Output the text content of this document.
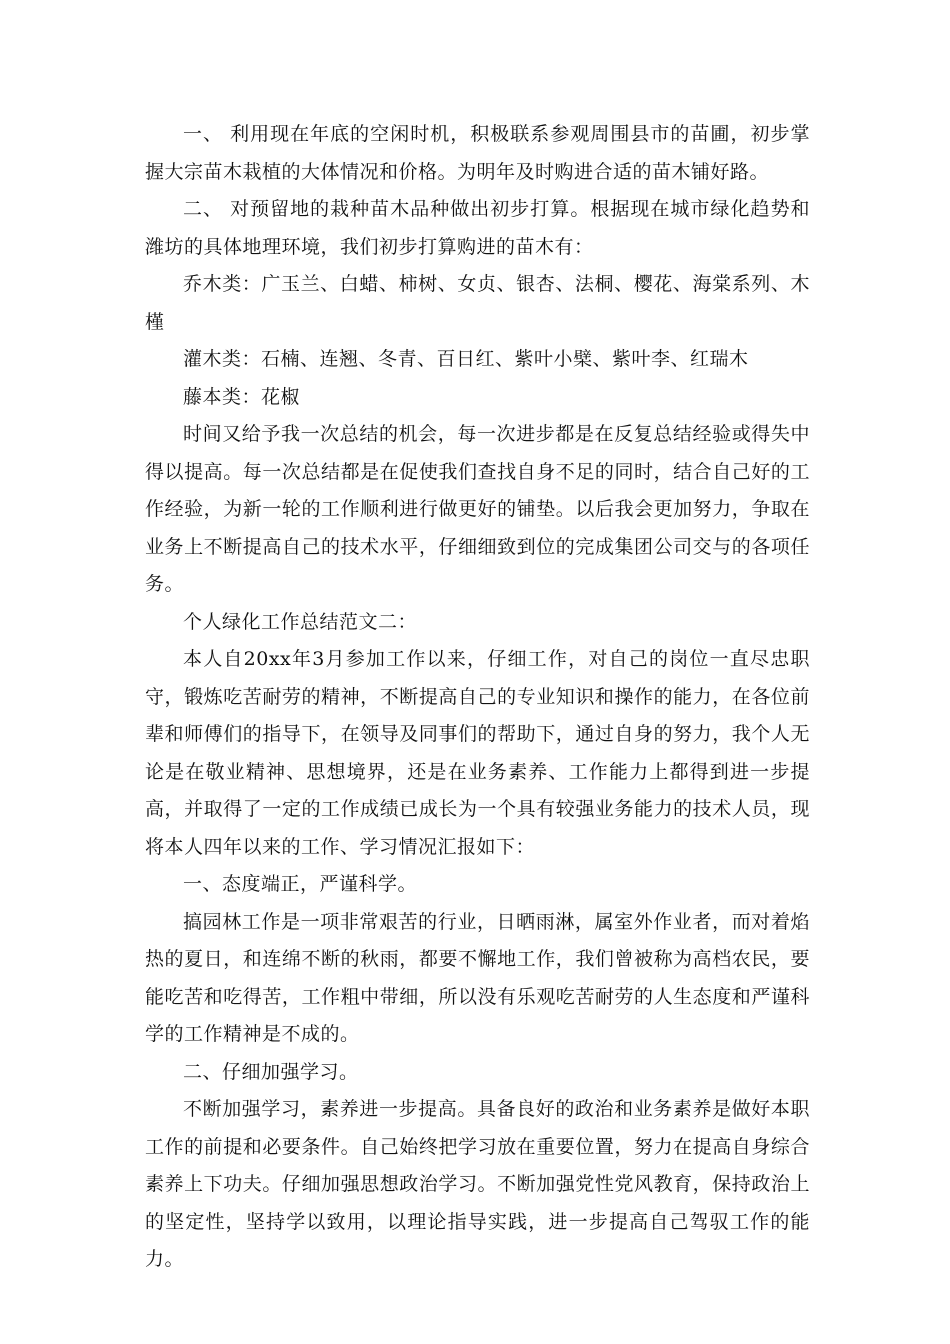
一、 利用现在年底的空闲时机，积极联系参观周围县市的苗圃，初步掌握大宗苗木栽植的大体情况和价格。为明年及时购进合适的苗木铺好路。

二、 对预留地的栽种苗木品种做出初步打算。根据现在城市绿化趋势和潍坊的具体地理环境，我们初步打算购进的苗木有：

乔木类：广玉兰、白蜡、柿树、女贞、银杏、法桐、樱花、海棠系列、木槿

灌木类：石楠、连翘、冬青、百日红、紫叶小檗、紫叶李、红瑞木

藤本类：花椒

时间又给予我一次总结的机会，每一次进步都是在反复总结经验或得失中得以提高。每一次总结都是在促使我们查找自身不足的同时，结合自己好的工作经验，为新一轮的工作顺利进行做更好的铺垫。以后我会更加努力，争取在业务上不断提高自己的技术水平，仔细细致到位的完成集团公司交与的各项任务。

个人绿化工作总结范文二：

本人自20xx年3月参加工作以来，仔细工作，对自己的岗位一直尽忠职守，锻炼吃苦耐劳的精神，不断提高自己的专业知识和操作的能力，在各位前辈和师傅们的指导下，在领导及同事们的帮助下，通过自身的努力，我个人无论是在敬业精神、思想境界，还是在业务素养、工作能力上都得到进一步提高，并取得了一定的工作成绩已成长为一个具有较强业务能力的技术人员，现将本人四年以来的工作、学习情况汇报如下：

一、态度端正，严谨科学。

搞园林工作是一项非常艰苦的行业，日晒雨淋，属室外作业者，而对着焰热的夏日，和连绵不断的秋雨，都要不懈地工作，我们曾被称为高档农民，要能吃苦和吃得苦，工作粗中带细，所以没有乐观吃苦耐劳的人生态度和严谨科学的工作精神是不成的。

二、仔细加强学习。

不断加强学习，素养进一步提高。具备良好的政治和业务素养是做好本职工作的前提和必要条件。自己始终把学习放在重要位置，努力在提高自身综合素养上下功夫。仔细加强思想政治学习。不断加强党性党风教育，保持政治上的坚定性，坚持学以致用，以理论指导实践，进一步提高自己驾驭工作的能力。
